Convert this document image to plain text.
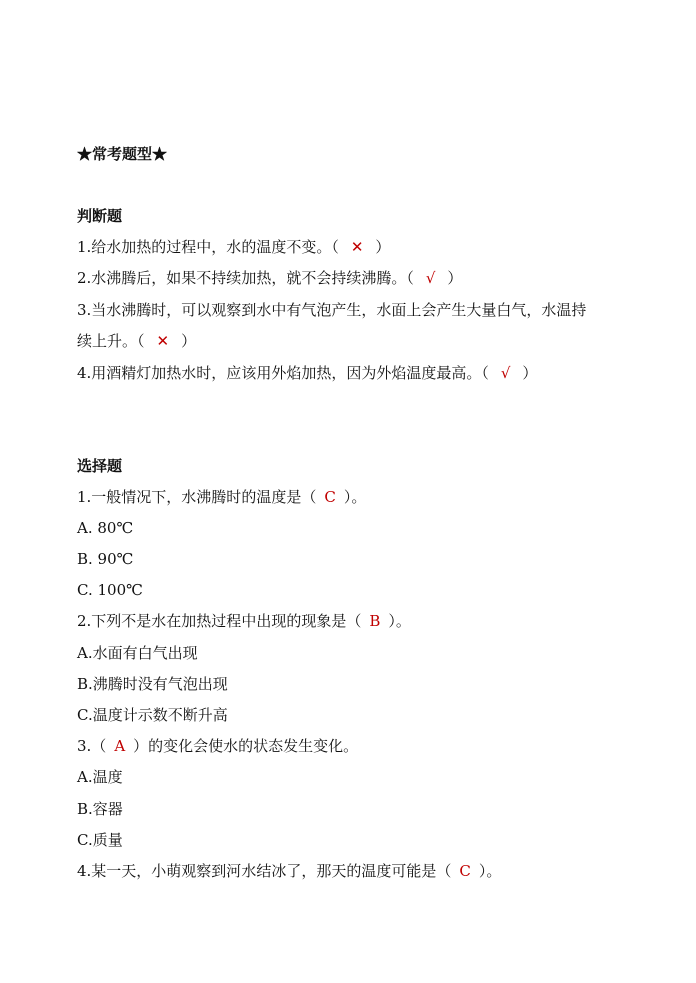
★常考题型★
判断题
1.给水加热的过程中，水的温度不变。（ ✕ ）
2.水沸腾后，如果不持续加热，就不会持续沸腾。（ √ ）
3.当水沸腾时，可以观察到水中有气泡产生，水面上会产生大量白气，水温持
续上升。（ ✕ ）
4.用酒精灯加热水时，应该用外焰加热，因为外焰温度最高。（ √ ）
选择题
1.一般情况下，水沸腾时的温度是（ C ）。
A. 80℃
B. 90℃
C. 100℃
2.下列不是水在加热过程中出现的现象是（ B ）。
A.水面有白气出现
B.沸腾时没有气泡出现
C.温度计示数不断升高
3.（ A ）的变化会使水的状态发生变化。
A.温度
B.容器
C.质量
4.某一天，小萌观察到河水结冰了，那天的温度可能是（ C ）。
